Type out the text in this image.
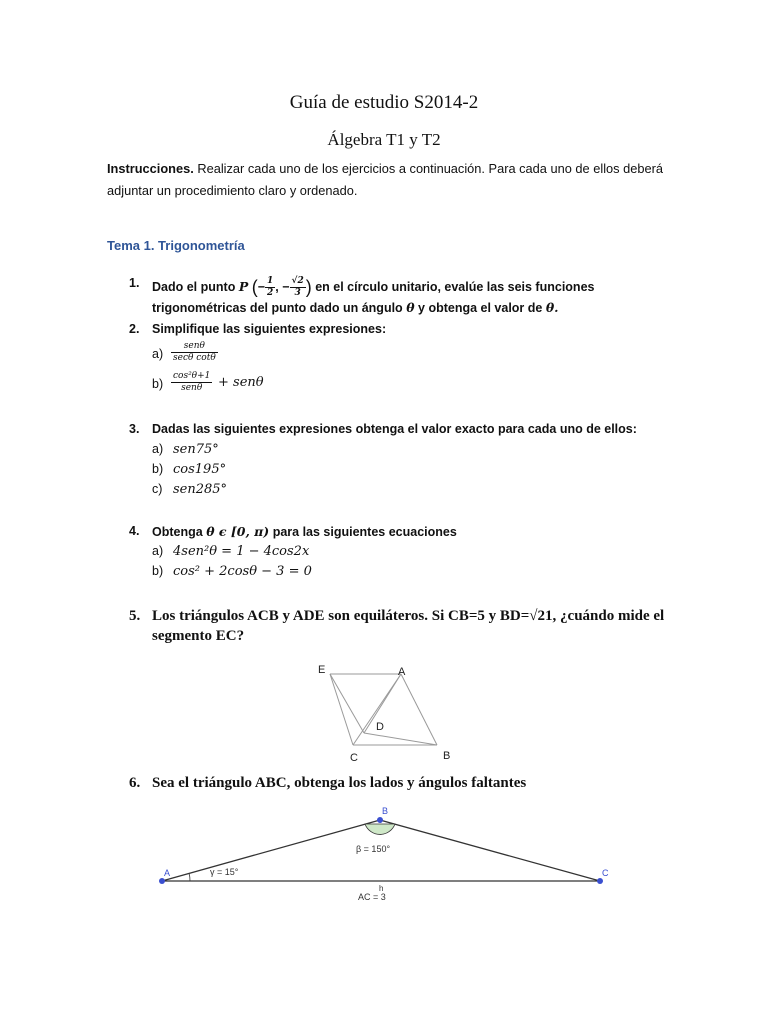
Guía de estudio S2014-2
Álgebra T1 y T2
Instrucciones. Realizar cada uno de los ejercicios a continuación. Para cada uno de ellos deberá adjuntar un procedimiento claro y ordenado.
Tema 1. Trigonometría
1. Dado el punto P (− $\frac{1}{2}$ , − $\frac{√2}{3}$ ) en el círculo unitario, evalúe las seis funciones
trigonométricas del punto dado un ángulo θ y obtenga el valor de θ.
2. Simplifique las siguientes expresiones:
a)
senθ
secθ cotθ
b)
cos²θ+1
senθ	+ senθ
3. Dadas las siguientes expresiones obtenga el valor exacto para cada uno de ellos:
a) sen75°
b) cos195°
c) sen285°
4. Obtenga θ ϵ [0, π) para las siguientes ecuaciones
a) 4sen²θ = 1 − 4cos2x
b) cos² + 2cosθ − 3 = 0
5. Los triángulos ACB y ADE son equiláteros. Si CB=5 y BD=√21, ¿cuándo mide el
segmento EC?
E	A
D
C	B
6. Sea el triángulo ABC, obtenga los lados y ángulos faltantes
A
B
C
β = 150°
γ = 15°
h
AC = 3
